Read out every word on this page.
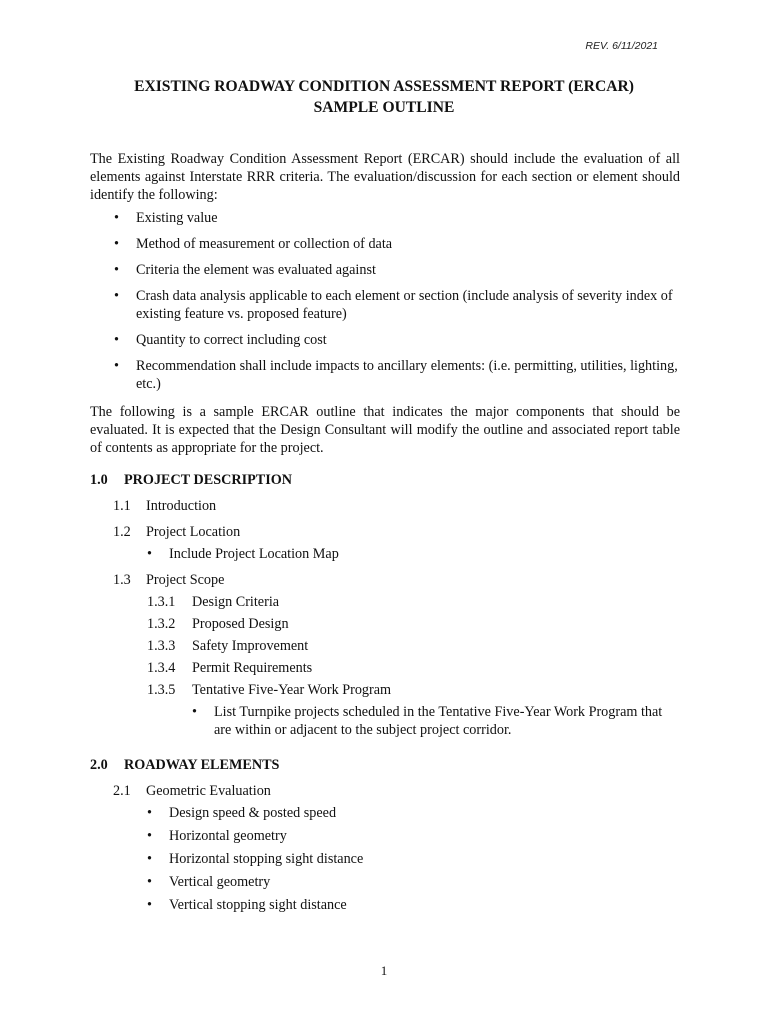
REV. 6/11/2021
EXISTING ROADWAY CONDITION ASSESSMENT REPORT (ERCAR)
SAMPLE OUTLINE

The Existing Roadway Condition Assessment Report (ERCAR) should include the evaluation of all elements against Interstate RRR criteria. The evaluation/discussion for each section or element should identify the following:

• Existing value
• Method of measurement or collection of data
• Criteria the element was evaluated against
• Crash data analysis applicable to each element or section (include analysis of severity index of existing feature vs. proposed feature)
• Quantity to correct including cost
• Recommendation shall include impacts to ancillary elements: (i.e. permitting, utilities, lighting, etc.)

The following is a sample ERCAR outline that indicates the major components that should be evaluated. It is expected that the Design Consultant will modify the outline and associated report table of contents as appropriate for the project.

1.0 PROJECT DESCRIPTION
1.1 Introduction
1.2 Project Location
• Include Project Location Map
1.3 Project Scope
1.3.1 Design Criteria
1.3.2 Proposed Design
1.3.3 Safety Improvement
1.3.4 Permit Requirements
1.3.5 Tentative Five-Year Work Program
• List Turnpike projects scheduled in the Tentative Five-Year Work Program that are within or adjacent to the subject project corridor.
2.0 ROADWAY ELEMENTS
2.1 Geometric Evaluation
• Design speed & posted speed
• Horizontal geometry
• Horizontal stopping sight distance
• Vertical geometry
• Vertical stopping sight distance
1
